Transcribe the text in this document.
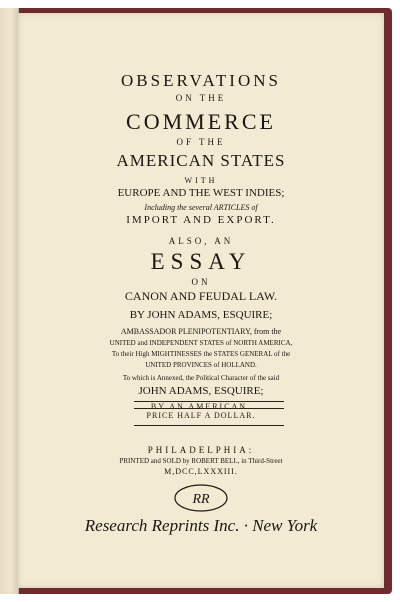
OBSERVATIONS
ON THE
COMMERCE
OF THE
AMERICAN STATES
WITH
EUROPE AND THE WEST INDIES;
Including the several ARTICLES of
IMPORT AND EXPORT.
ALSO, AN
ESSAY
ON
CANON AND FEUDAL LAW.
BY JOHN ADAMS, ESQUIRE;
AMBASSADOR PLENIPOTENTIARY, from the
UNITED and INDEPENDENT STATES of NORTH AMERICA,
To their High MIGHTINESSES the STATES GENERAL of the
UNITED PROVINCES of HOLLAND.
To which is Annexed, the Political Character of the said
JOHN ADAMS, ESQUIRE;
BY AN AMERICAN.
PRICE HALF A DOLLAR.
PHILADELPHIA:
PRINTED and SOLD by ROBERT BELL, in Third-Street
M,DCC,LXXXIII.
RR
Research Reprints Inc. · New York
